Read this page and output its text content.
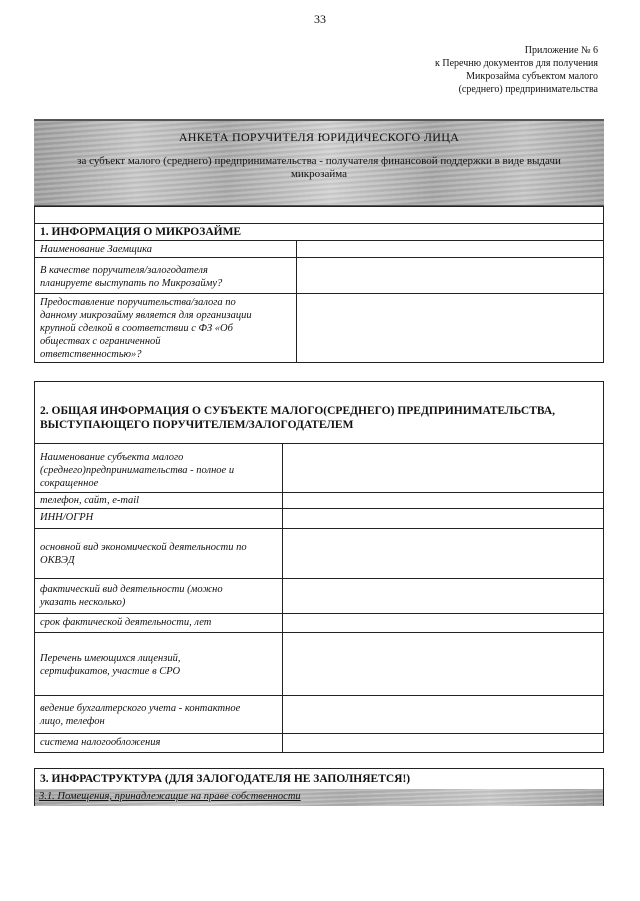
33
Приложение № 6
к Перечню документов для получения
Микрозайма субъектом малого
(среднего) предпринимательства
АНКЕТА ПОРУЧИТЕЛЯ ЮРИДИЧЕСКОГО ЛИЦА
за субъект малого (среднего) предпринимательства - получателя финансовой поддержки в виде выдачи
микрозайма
1. ИНФОРМАЦИЯ О МИКРОЗАЙМЕ
Наименование Заемщика
В качестве поручителя/залогодателя
планируете выступать по Микрозайму?
Предоставление поручительства/залога по
данному микрозайму является для организации
крупной сделкой в соответствии с ФЗ «Об
обществах с ограниченной
ответственностью»?
2. ОБЩАЯ ИНФОРМАЦИЯ О СУБЪЕКТЕ МАЛОГО(СРЕДНЕГО) ПРЕДПРИНИМАТЕЛЬСТВА,
ВЫСТУПАЮЩЕГО ПОРУЧИТЕЛЕМ/ЗАЛОГОДАТЕЛЕМ
Наименование субъекта малого
(среднего)предпринимательства - полное и
сокращенное
телефон, сайт, e-mail
ИНН/ОГРН
основной вид экономической деятельности по
ОКВЭД
фактический вид деятельности (можно
указать несколько)
срок фактической деятельности, лет
Перечень имеющихся лицензий,
сертификатов, участие в СРО
ведение бухгалтерского учета - контактное
лицо, телефон
система налогообложения
3. ИНФРАСТРУКТУРА (ДЛЯ ЗАЛОГОДАТЕЛЯ НЕ ЗАПОЛНЯЕТСЯ!)
3.1. Помещения, принадлежащие на праве собственности
